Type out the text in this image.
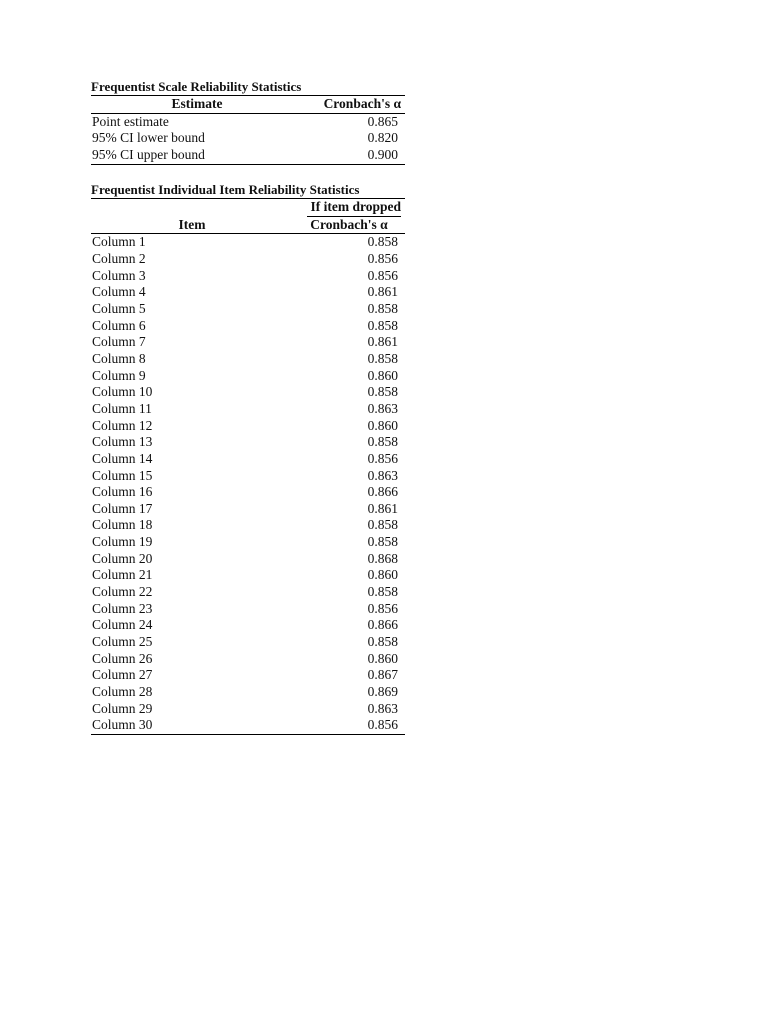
Frequentist Scale Reliability Statistics
Estimate	Cronbach's α
Point estimate	0.865
95% CI lower bound	0.820
95% CI upper bound	0.900
Frequentist Individual Item Reliability Statistics
	If item dropped
Item	Cronbach's α
Column 1	0.858
Column 2	0.856
Column 3	0.856
Column 4	0.861
Column 5	0.858
Column 6	0.858
Column 7	0.861
Column 8	0.858
Column 9	0.860
Column 10	0.858
Column 11	0.863
Column 12	0.860
Column 13	0.858
Column 14	0.856
Column 15	0.863
Column 16	0.866
Column 17	0.861
Column 18	0.858
Column 19	0.858
Column 20	0.868
Column 21	0.860
Column 22	0.858
Column 23	0.856
Column 24	0.866
Column 25	0.858
Column 26	0.860
Column 27	0.867
Column 28	0.869
Column 29	0.863
Column 30	0.856
